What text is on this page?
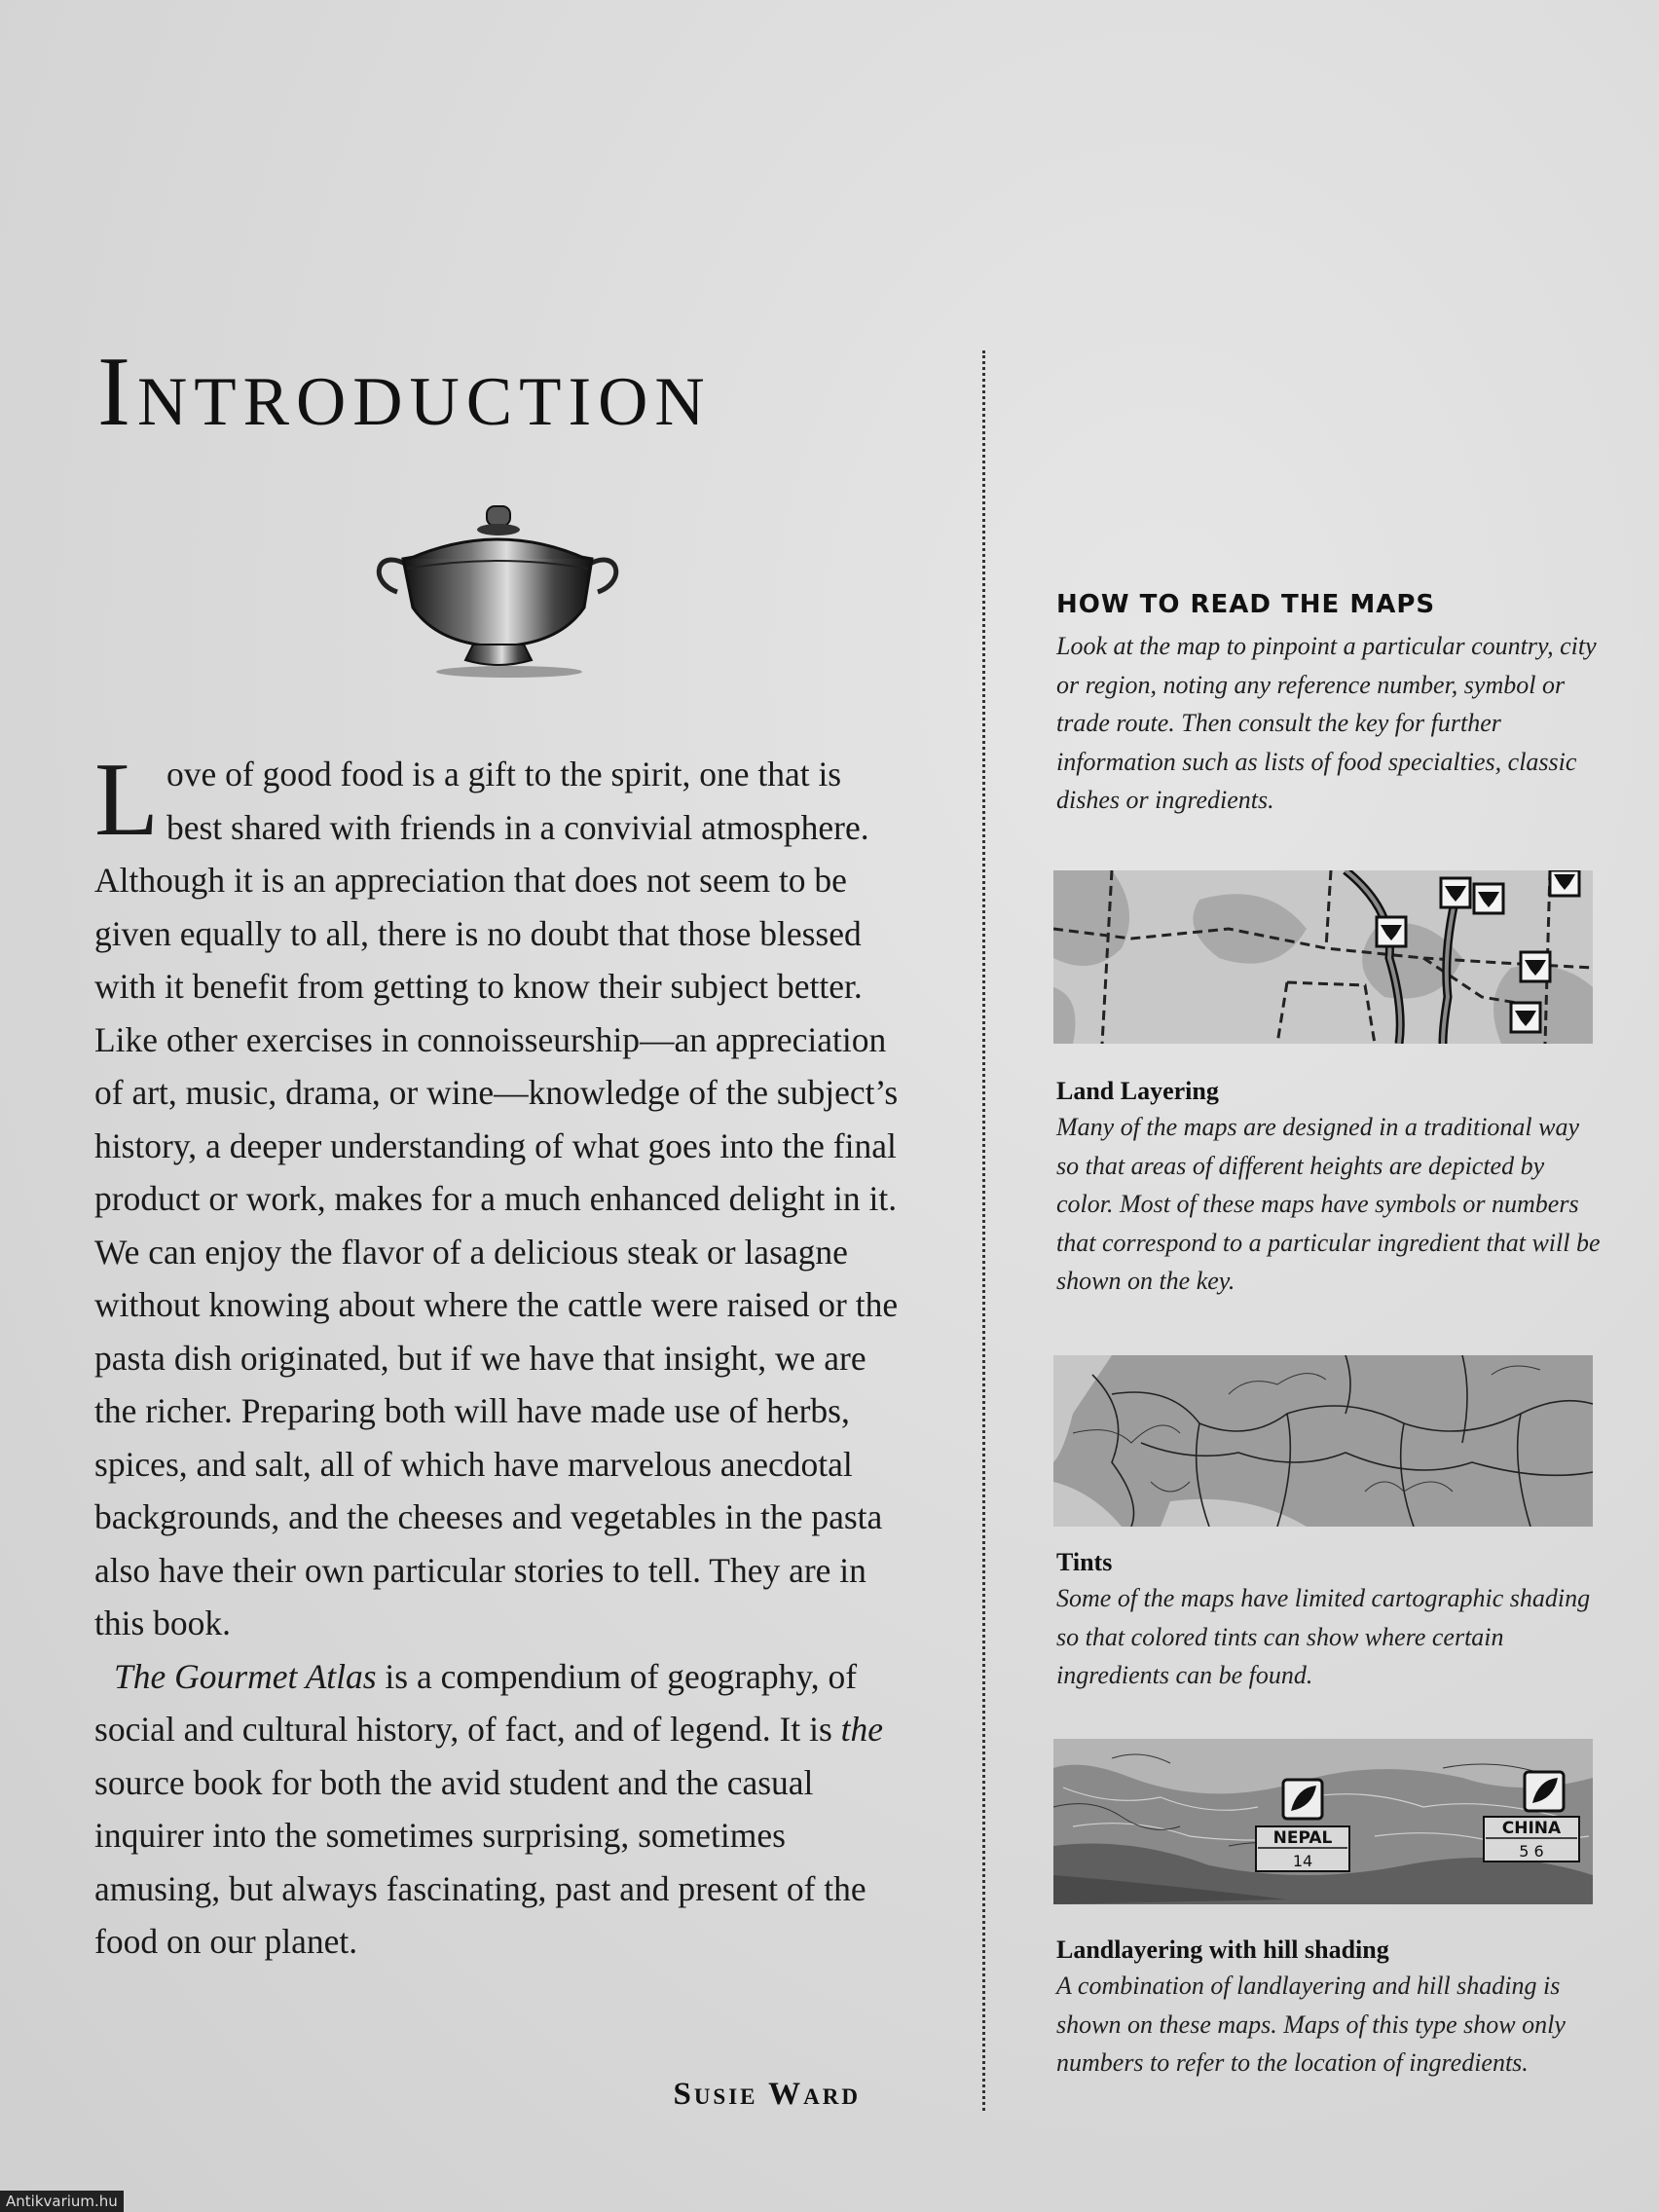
Introduction

Love of good food is a gift to the spirit, one that is best shared with friends in a convivial atmosphere. Although it is an appreciation that does not seem to be given equally to all, there is no doubt that those blessed with it benefit from getting to know their subject better. Like other exercises in connoisseurship—an appreciation of art, music, drama, or wine—knowledge of the subject’s history, a deeper understanding of what goes into the final product or work, makes for a much enhanced delight in it. We can enjoy the flavor of a delicious steak or lasagne without knowing about where the cattle were raised or the pasta dish originated, but if we have that insight, we are the richer. Preparing both will have made use of herbs, spices, and salt, all of which have marvelous anecdotal backgrounds, and the cheeses and vegetables in the pasta also have their own particular stories to tell. They are in this book.

The Gourmet Atlas is a compendium of geography, of social and cultural history, of fact, and of legend. It is the source book for both the avid student and the casual inquirer into the sometimes surprising, sometimes amusing, but always fascinating, past and present of the food on our planet.

Susie Ward
HOW TO READ THE MAPS

Look at the map to pinpoint a particular country, city or region, noting any reference number, symbol or trade route. Then consult the key for further information such as lists of food specialties, classic dishes or ingredients.

Land Layering

Many of the maps are designed in a traditional way so that areas of different heights are depicted by color. Most of these maps have symbols or numbers that correspond to a particular ingredient that will be shown on the key.

Tints

Some of the maps have limited cartographic shading so that colored tints can show where certain ingredients can be found.

NEPAL
14
CHINA
5 6
Landlayering with hill shading

A combination of landlayering and hill shading is shown on these maps. Maps of this type show only numbers to refer to the location of ingredients.

Antikvarium.hu
